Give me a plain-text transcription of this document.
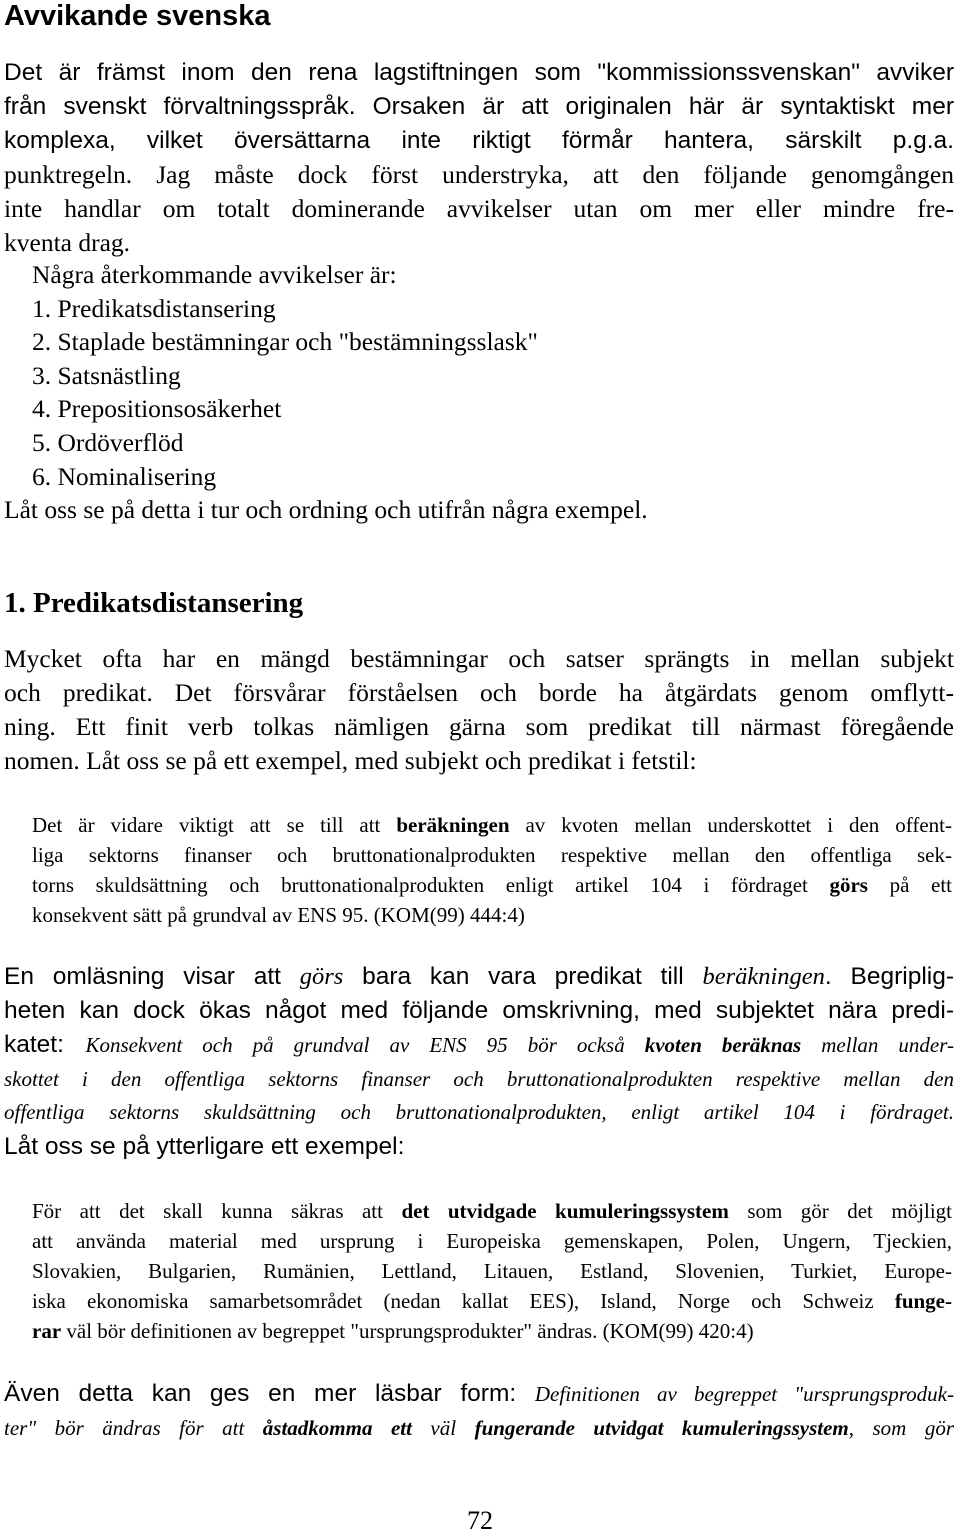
Avvikande svenska
Det är främst inom den rena lagstiftningen som "kommissionssvenskan" avviker
från svenskt förvaltningsspråk. Orsaken är att originalen här är syntaktiskt mer
komplexa, vilket översättarna inte riktigt förmår hantera, särskilt p.g.a.
punktregeln. Jag måste dock först understryka, att den följande genomgången
inte handlar om totalt dominerande avvikelser utan om mer eller mindre fre-
kventa drag.
Några återkommande avvikelser är:
1. Predikatsdistansering
2. Staplade bestämningar och "bestämningsslask"
3. Satsnästling
4. Prepositionsosäkerhet
5. Ordöverflöd
6. Nominalisering
Låt oss se på detta i tur och ordning och utifrån några exempel.
1. Predikatsdistansering
Mycket ofta har en mängd bestämningar och satser sprängts in mellan subjekt
och predikat. Det försvårar förståelsen och borde ha åtgärdats genom omflytt-
ning. Ett finit verb tolkas nämligen gärna som predikat till närmast föregående
nomen. Låt oss se på ett exempel, med subjekt och predikat i fetstil:
Det är vidare viktigt att se till att beräkningen av kvoten mellan underskottet i den offent-
liga sektorns finanser och bruttonationalprodukten respektive mellan den offentliga sek-
torns skuldsättning och bruttonationalprodukten enligt artikel 104 i fördraget görs på ett
konsekvent sätt på grundval av ENS 95. (KOM(99) 444:4)
En omläsning visar att görs bara kan vara predikat till beräkningen. Begriplig-
heten kan dock ökas något med följande omskrivning, med subjektet nära predi-
katet: Konsekvent och på grundval av ENS 95 bör också kvoten beräknas mellan under-
skottet i den offentliga sektorns finanser och bruttonationalprodukten respektive mellan den
offentliga sektorns skuldsättning och bruttonationalprodukten, enligt artikel 104 i fördraget.
Låt oss se på ytterligare ett exempel:
För att det skall kunna säkras att det utvidgade kumuleringssystem som gör det möjligt
att använda material med ursprung i Europeiska gemenskapen, Polen, Ungern, Tjeckien,
Slovakien, Bulgarien, Rumänien, Lettland, Litauen, Estland, Slovenien, Turkiet, Europe-
iska ekonomiska samarbetsområdet (nedan kallat EES), Island, Norge och Schweiz funge-
rar väl bör definitionen av begreppet "ursprungsprodukter" ändras. (KOM(99) 420:4)
Även detta kan ges en mer läsbar form: Definitionen av begreppet "ursprungsproduk-
ter" bör ändras för att åstadkomma ett väl fungerande utvidgat kumuleringssystem, som gör
72
